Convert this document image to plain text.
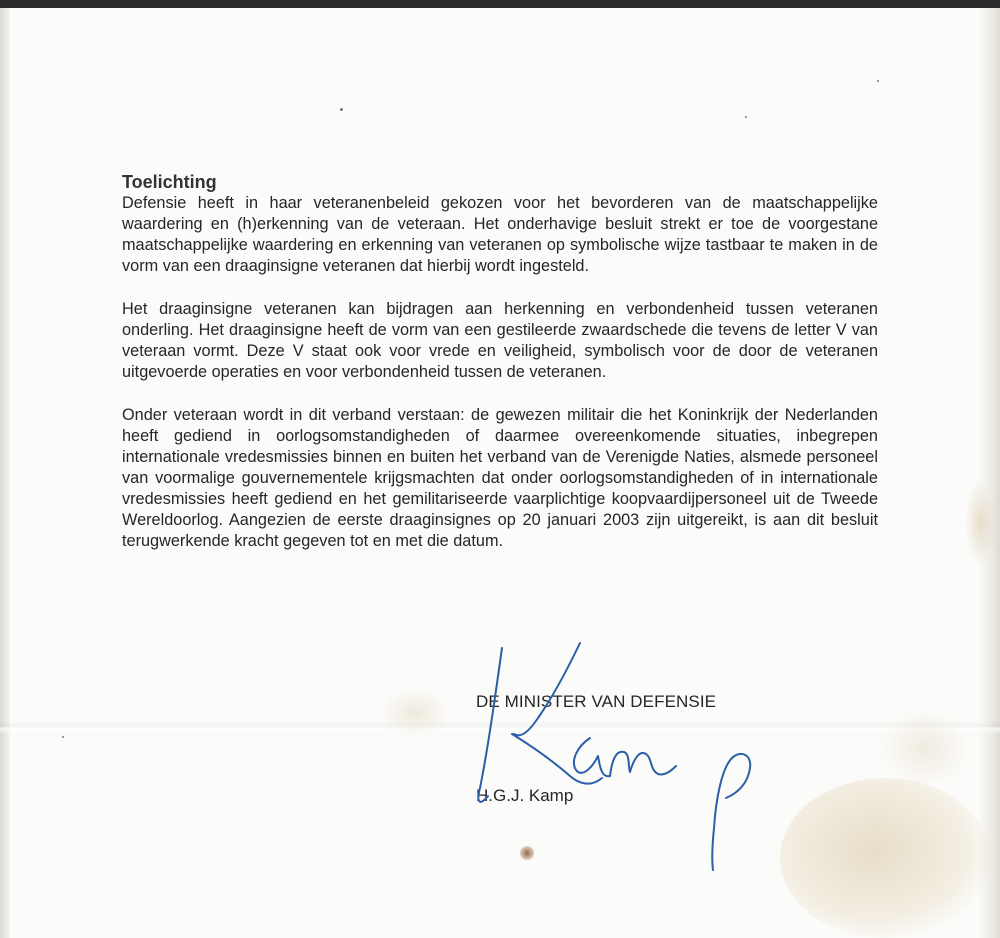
Toelichting

Defensie heeft in haar veteranenbeleid gekozen voor het bevorderen van de maatschappelijke waardering en (h)erkenning van de veteraan. Het onderhavige besluit strekt er toe de voorgestane maatschappelijke waardering en erkenning van veteranen op symbolische wijze tastbaar te maken in de vorm van een draaginsigne veteranen dat hierbij wordt ingesteld.

Het draaginsigne veteranen kan bijdragen aan herkenning en verbondenheid tussen veteranen onderling. Het draaginsigne heeft de vorm van een gestileerde zwaardschede die tevens de letter V van veteraan vormt. Deze V staat ook voor vrede en veiligheid, symbolisch voor de door de veteranen uitgevoerde operaties en voor verbondenheid tussen de veteranen.

Onder veteraan wordt in dit verband verstaan: de gewezen militair die het Koninkrijk der Nederlanden heeft gediend in oorlogsomstandigheden of daarmee overeenkomende situaties, inbegrepen internationale vredesmissies binnen en buiten het verband van de Verenigde Naties, alsmede personeel van voormalige gouvernementele krijgsmachten dat onder oorlogsomstandigheden of in internationale vredesmissies heeft gediend en het gemilitariseerde vaarplichtige koopvaardijpersoneel uit de Tweede Wereldoorlog. Aangezien de eerste draaginsignes op 20 januari 2003 zijn uitgereikt, is aan dit besluit terugwerkende kracht gegeven tot en met die datum.

DE MINISTER VAN DEFENSIE
H.G.J. Kamp
